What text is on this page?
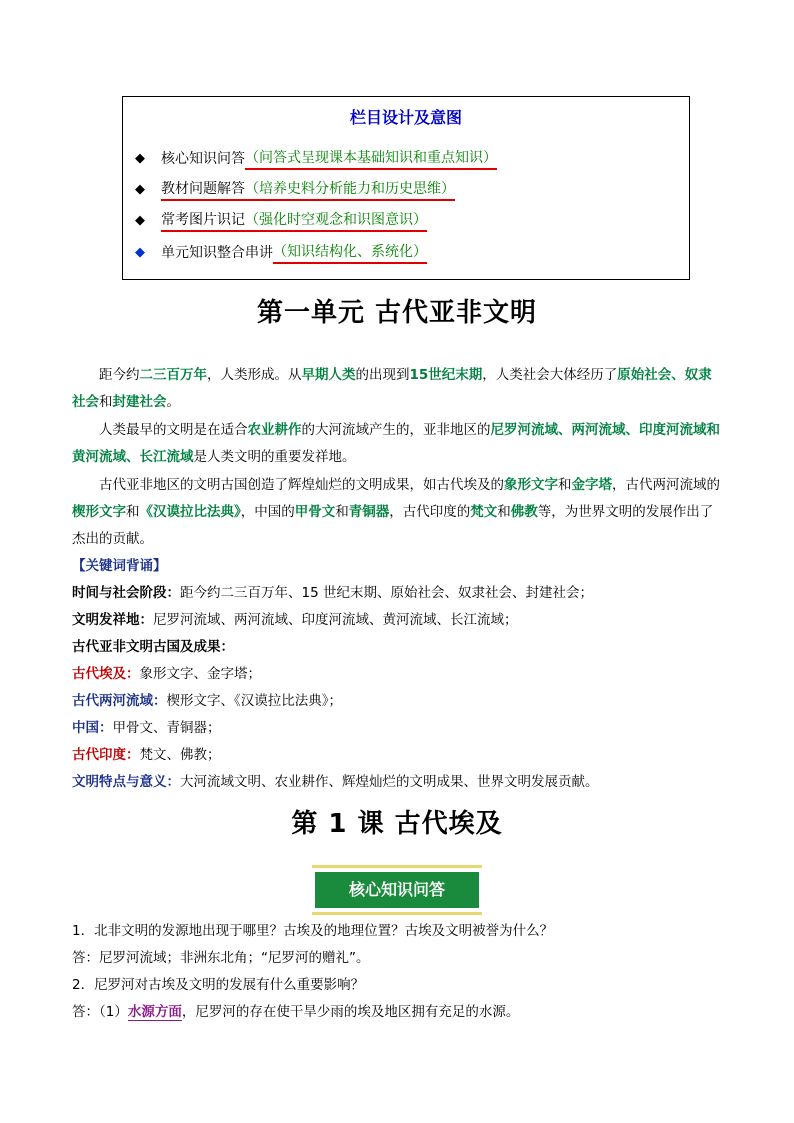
栏目设计及意图
◆ 核心知识问答 （问答式呈现课本基础知识和重点知识）
◆ 教材问题解答 （培养史料分析能力和历史思维）
◆ 常考图片识记 （强化时空观念和识图意识）
◆ 单元知识整合串讲 （知识结构化、系统化）
第一单元 古代亚非文明
距今约二三百万年，人类形成。从早期人类的出现到15世纪末期，人类社会大体经历了原始社会、奴隶社会和封建社会。
人类最早的文明是在适合农业耕作的大河流域产生的，亚非地区的尼罗河流域、两河流域、印度河流域和黄河流域、长江流域是人类文明的重要发祥地。
古代亚非地区的文明古国创造了辉煌灿烂的文明成果，如古代埃及的象形文字和金字塔，古代两河流域的楔形文字和《汉谟拉比法典》，中国的甲骨文和青铜器，古代印度的梵文和佛教等，为世界文明的发展作出了杰出的贡献。
【关键词背诵】
时间与社会阶段：距今约二三百万年、15 世纪末期、原始社会、奴隶社会、封建社会；
文明发祥地：尼罗河流域、两河流域、印度河流域、黄河流域、长江流域；
古代亚非文明古国及成果：
古代埃及：象形文字、金字塔；
古代两河流域：楔形文字、《汉谟拉比法典》；
中国：甲骨文、青铜器；
古代印度：梵文、佛教；
文明特点与意义：大河流域文明、农业耕作、辉煌灿烂的文明成果、世界文明发展贡献。
第 1 课 古代埃及
核心知识问答
1．北非文明的发源地出现于哪里？古埃及的地理位置？古埃及文明被誉为什么？
答：尼罗河流域；非洲东北角；“尼罗河的赠礼”。
2．尼罗河对古埃及文明的发展有什么重要影响？
答：（1）水源方面，尼罗河的存在使干旱少雨的埃及地区拥有充足的水源。
